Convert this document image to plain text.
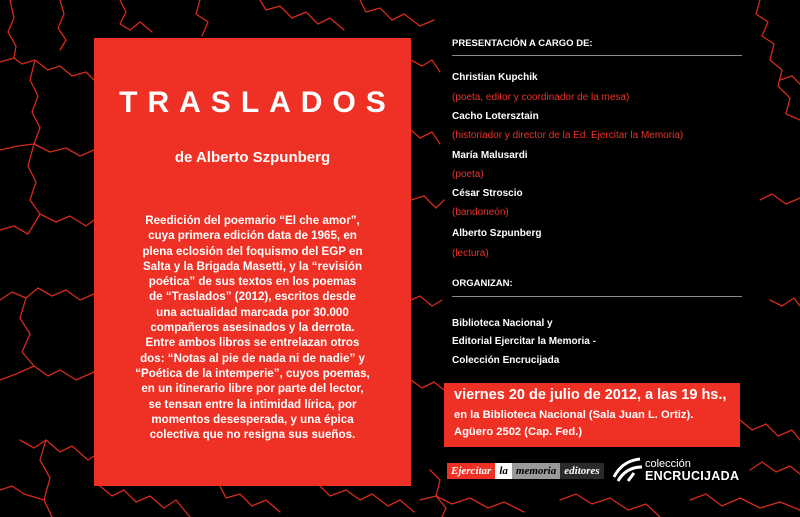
TRASLADOS
de Alberto Szpunberg

Reedición del poemario “El che amor”,

cuya primera edición data de 1965, en

plena eclosión del foquismo del EGP en

Salta y la Brigada Masetti, y la “revisión

poética” de sus textos en los poemas

de “Traslados” (2012), escritos desde

una actualidad marcada por 30.000

compañeros asesinados y la derrota.

Entre ambos libros se entrelazan otros

dos: “Notas al pie de nada ni de nadie” y

“Poética de la intemperie”, cuyos poemas,

en un itinerario libre por parte del lector,

se tensan entre la intimidad lírica, por

momentos desesperada, y una épica

colectiva que no resigna sus sueños.

PRESENTACIÓN A CARGO DE:
Christian Kupchik
(poeta, editor y coordinador de la mesa)
Cacho Lotersztain
(historiador y director de la Ed. Ejercitar la Memoria)
María Malusardi
(poeta)
César Stroscio
(bandoneón)
Alberto Szpunberg
(lectura)
ORGANIZAN:
Biblioteca Nacional y
Editorial Ejercitar la Memoria -
Colección Encrucijada
viernes 20 de julio de 2012, a las 19 hs.,
en la Biblioteca Nacional (Sala Juan L. Ortiz).
Agüero 2502 (Cap. Fed.)
Ejercitar la memoria editores
colección
ENCRUCIJADA
